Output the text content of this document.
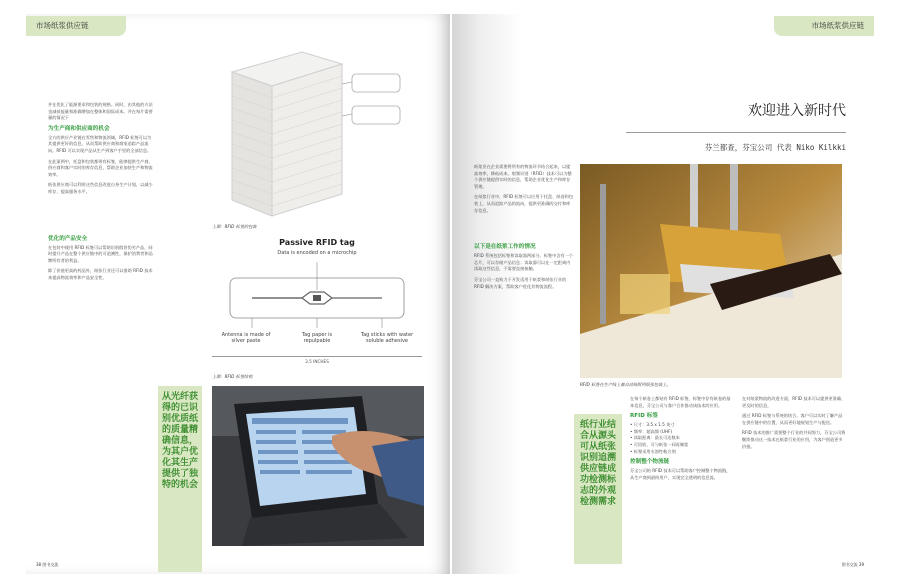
市场纸浆供应链

并在优化了能源要求和包装的规格。同时，由其他的方法也减低能量和准确增加在整体和国际成本。并在每片需要量的情况下

为生产商和供应商的机会

全方的供应产业链在零售和物流领域，RFID 标签可以为其提供更好的信息，从而帮助供应商和商家追踪产品流向。RFID 可以实现产品从生产到客户手里的全部信息。

在此案例中，托盘和包装都带有标签，能够提供生产商、供应商和客户实时的库存信息，帮助企业加快生产和物流效率。

纸张供应商可以利用这些信息改进自身生产计划，以减少库存、提高服务水平。

优化的产品安全

在包装中使用 RFID 标签可以帮助识别假冒伪劣产品，同时提升产品在整个供应链中的可追溯性，保护消费者和品牌所有者的利益。

除了价值更高的药品外，纸张行业还可以借助 RFID 技术来提高物流效率和产品安全性。

从光纤获得的已识别优质纸的质量精确信息，为其户优化其生产提供了独特的机会
上图：RFID 标签的包装
Passive RFID tag
Data is encoded on a microchip
Antenna is made of silver paste
Tag paper is repulpable
Tag sticks with water soluble adhesive
3.5 INCHES
上图：RFID 标签结构
38 图书交流
市场纸浆供应链
欢迎进入新时代
芬兰都查，芬宝公司 代表 Niko Kilkki

纸浆业在企业需要将所有的物流环节结合起来，以提高效率，降低成本。射频识别（RFID）技术可以为整个供应链提供实时的信息，帮助企业优化生产和库存管理。

在纸浆行业中，RFID 标签可以应用于托盘、纸卷和包装上，从而追踪产品的流向，提供更准确的交付和库存信息。

以下是在纸浆工作的情况

RFID 系统包括标签和读取器两部分。标签中含有一个芯片，可以存储产品信息；读取器可以在一定距离内读取这些信息，不需要直接接触。

芬宝公司一直致力于开发适用于纸浆和纸张行业的 RFID 解决方案，帮助客户优化其物流流程。

RFID 标签在生产线上被自动贴附到纸张包装上。
纸行业结合从源头可从纸张识别追溯供应链成功检测标志的外观检测需求

在每个纸卷上都贴有 RFID 标签，标签中存有纸卷的基本信息，芬宝公司与客户合作推动该技术的应用。

RFID 标签
• 尺寸：3.5 x 1.5 英寸
• 频率：超高频 (UHF)
• 读取距离：最长可达数米
• 可回收、可与纸张一同再制浆
• 标签采用水溶性粘合剂
控制整个物流链

芬宝公司的 RFID 技术可以帮助客户控制整个物流链，从生产商到最终用户，实现完全透明的信息流。

在对纸浆物流的改进方面，RFID 技术可以提供更准确、更及时的信息。

通过 RFID 标签与系统的结合，客户可以实时了解产品在供应链中的位置，从而更好地规划生产与配送。

RFID 技术的推广需要整个行业的共同努力，芬宝公司将继续推动这一技术在纸浆行业的应用，为客户创造更多价值。

图书交流 39
